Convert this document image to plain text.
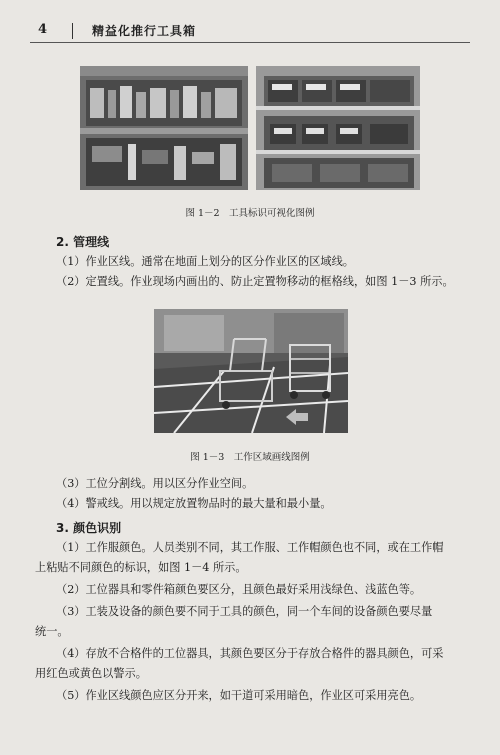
4	精益化推行工具箱
图 1－2　工具标识可视化图例
2. 管理线
（1）作业区线。通常在地面上划分的区分作业区的区域线。
（2）定置线。作业现场内画出的、防止定置物移动的框格线，如图 1－3 所示。
图 1－3　工作区域画线图例
（3）工位分割线。用以区分作业空间。
（4）警戒线。用以规定放置物品时的最大量和最小量。
3. 颜色识别
（1）工作服颜色。人员类别不同，其工作服、工作帽颜色也不同，或在工作帽
上粘贴不同颜色的标识，如图 1－4 所示。
（2）工位器具和零件箱颜色要区分，且颜色最好采用浅绿色、浅蓝色等。
（3）工装及设备的颜色要不同于工具的颜色，同一个车间的设备颜色要尽量
统一。
（4）存放不合格件的工位器具，其颜色要区分于存放合格件的器具颜色，可采
用红色或黄色以警示。
（5）作业区线颜色应区分开来，如干道可采用暗色，作业区可采用亮色。
